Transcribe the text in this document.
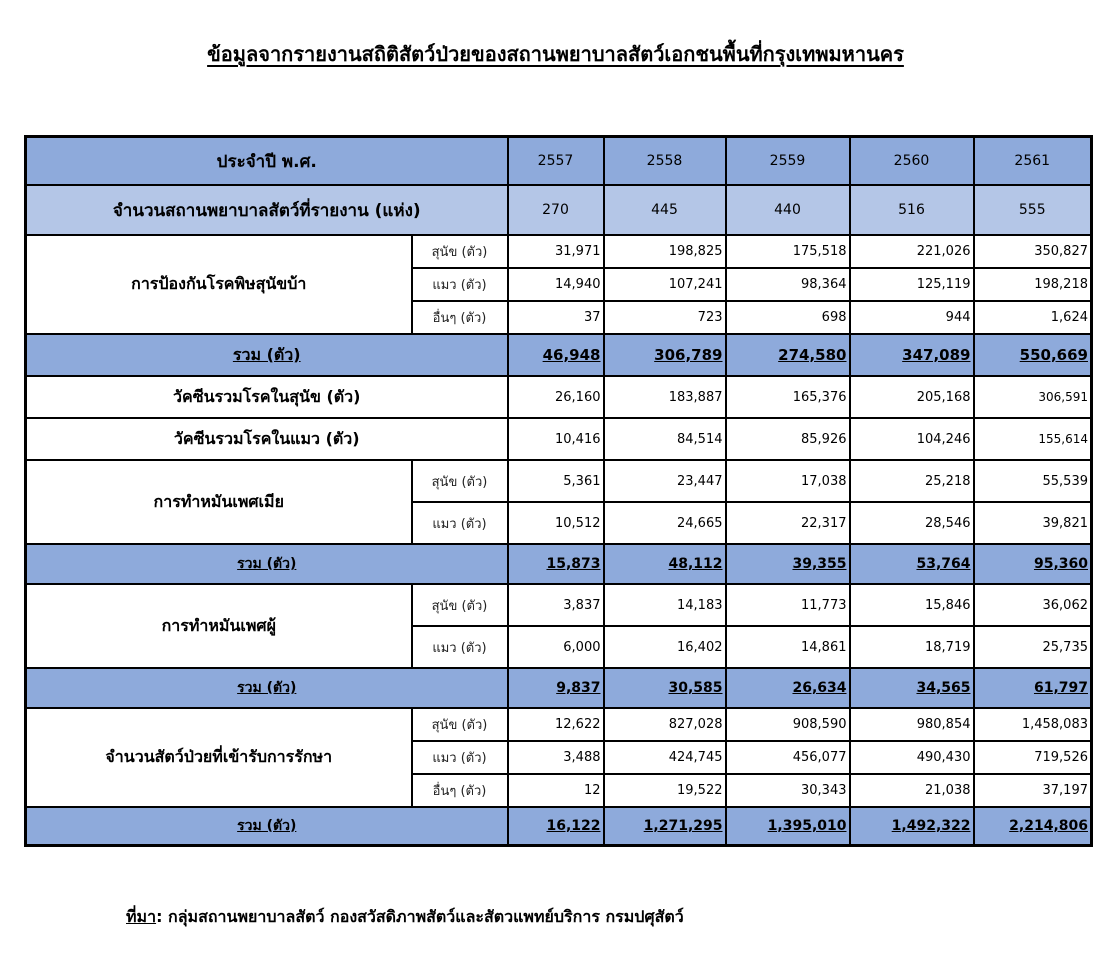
ข้อมูลจากรายงานสถิติสัตว์ป่วยของสถานพยาบาลสัตว์เอกชนพื้นที่กรุงเทพมหานคร
ประจำปี พ.ศ.		2557	2558	2559	2560	2561
จำนวนสถานพยาบาลสัตว์ที่รายงาน (แห่ง)		270	445	440	516	555
การป้องกันโรคพิษสุนัขบ้า	สุนัข (ตัว)	31,971	198,825	175,518	221,026	350,827
	แมว (ตัว)	14,940	107,241	98,364	125,119	198,218
	อื่นๆ (ตัว)	37	723	698	944	1,624
รวม (ตัว)		46,948	306,789	274,580	347,089	550,669
วัคซีนรวมโรคในสุนัข (ตัว)		26,160	183,887	165,376	205,168	306,591
วัคซีนรวมโรคในแมว (ตัว)		10,416	84,514	85,926	104,246	155,614
การทำหมันเพศเมีย	สุนัข (ตัว)	5,361	23,447	17,038	25,218	55,539
	แมว (ตัว)	10,512	24,665	22,317	28,546	39,821
รวม (ตัว)		15,873	48,112	39,355	53,764	95,360
การทำหมันเพศผู้	สุนัข (ตัว)	3,837	14,183	11,773	15,846	36,062
	แมว (ตัว)	6,000	16,402	14,861	18,719	25,735
รวม (ตัว)		9,837	30,585	26,634	34,565	61,797
จำนวนสัตว์ป่วยที่เข้ารับการรักษา	สุนัข (ตัว)	12,622	827,028	908,590	980,854	1,458,083
	แมว (ตัว)	3,488	424,745	456,077	490,430	719,526
	อื่นๆ (ตัว)	12	19,522	30,343	21,038	37,197
รวม (ตัว)		16,122	1,271,295	1,395,010	1,492,322	2,214,806
ที่มา: กลุ่มสถานพยาบาลสัตว์ กองสวัสดิภาพสัตว์และสัตวแพทย์บริการ กรมปศุสัตว์
